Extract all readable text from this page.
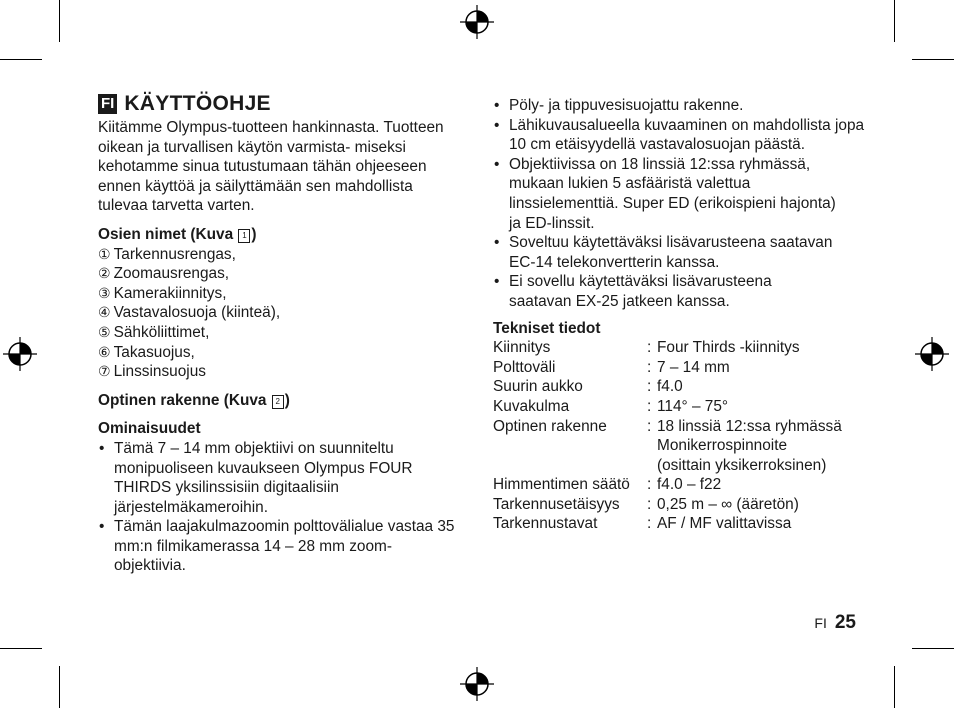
FI KÄYTTÖOHJE

Kiitämme Olympus-tuotteen hankinnasta. Tuotteen oikean ja turvallisen käytön varmista- miseksi kehotamme sinua tutustumaan tähän ohjeeseen ennen käyttöä ja säilyttämään sen mahdollista tulevaa tarvetta varten.

Osien nimet (Kuva 1 )
① Tarkennusrengas,
② Zoomausrengas,
③ Kamerakiinnitys,
④ Vastavalosuoja (kiinteä),
⑤ Sähköliittimet,
⑥ Takasuojus,
⑦ Linssinsuojus
Optinen rakenne (Kuva 2 )
Ominaisuudet
• Tämä 7 – 14 mm objektiivi on suunniteltu monipuoliseen kuvaukseen Olympus FOUR THIRDS yksilinssisiin digitaalisiin järjestelmäkameroihin.
• Tämän laajakulmazoomin polttovälialue vastaa 35 mm:n filmikamerassa 14 – 28 mm zoom-objektiivia.
• Pöly- ja tippuvesisuojattu rakenne.
• Lähikuvausalueella kuvaaminen on mahdollista jopa 10 cm etäisyydellä vastavalosuojan päästä.
• Objektiivissa on 18 linssiä 12:ssa ryhmässä, mukaan lukien 5 asfääristä valettua linssielementtiä. Super ED (erikoispieni hajonta) ja ED-linssit.
• Soveltuu käytettäväksi lisävarusteena saatavan EC-14 telekonvertterin kanssa.
• Ei sovellu käytettäväksi lisävarusteena saatavan EX-25 jatkeen kanssa.
Tekniset tiedot
Kiinnitys	:	Four Thirds -kiinnitys
Polttoväli	:	7 – 14 mm
Suurin aukko	:	f4.0
Kuvakulma	:	114° – 75°
Optinen rakenne	:	18 linssiä 12:ssa ryhmässä
Monikerrospinnoite
(osittain yksikerroksinen)
Himmentimen säätö	:	f4.0 – f22
Tarkennusetäisyys	:	0,25 m – ∞ (ääretön)
Tarkennustavat	:	AF / MF valittavissa
FI 25
